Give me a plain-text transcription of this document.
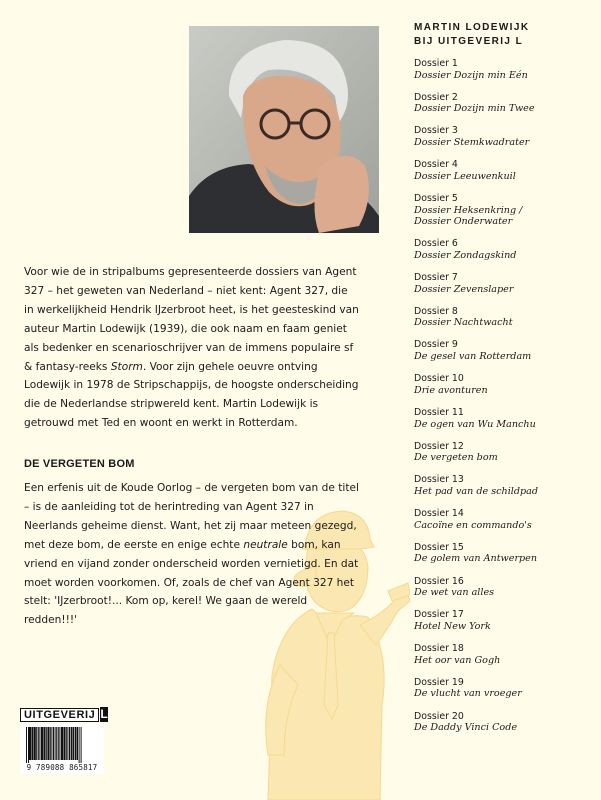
Voor wie de in stripalbums gepresenteerde dossiers van Agent 327 – het geweten van Nederland – niet kent: Agent 327, die in werkelijkheid Hendrik IJzerbroot heet, is het geesteskind van auteur Martin Lodewijk (1939), die ook naam en faam geniet als bedenker en scenarioschrijver van de immens populaire sf & fantasy-reeks Storm. Voor zijn gehele oeuvre ontving Lodewijk in 1978 de Stripschappijs, de hoogste onderscheiding die de Nederlandse stripwereld kent. Martin Lodewijk is getrouwd met Ted en woont en werkt in Rotterdam.

DE VERGETEN BOM

Een erfenis uit de Koude Oorlog – de vergeten bom van de titel – is de aanleiding tot de herintreding van Agent 327 in Neerlands geheime dienst. Want, het zij maar meteen gezegd, met deze bom, de eerste en enige echte neutrale bom, kan vriend en vijand zonder onderscheid worden vernietigd. En dat moet worden voorkomen. Of, zoals de chef van Agent 327 het stelt: 'IJzerbroot!... Kom op, kerel! We gaan de wereld redden!!!'

MARTIN LODEWIJK
BIJ UITGEVERIJ L
Dossier 1
Dossier Dozijn min Eén
Dossier 2
Dossier Dozijn min Twee
Dossier 3
Dossier Stemkwadrater
Dossier 4
Dossier Leeuwenkuil
Dossier 5
Dossier Heksenkring /
Dossier Onderwater
Dossier 6
Dossier Zondagskind
Dossier 7
Dossier Zevenslaper
Dossier 8
Dossier Nachtwacht
Dossier 9
De gesel van Rotterdam
Dossier 10
Drie avonturen
Dossier 11
De ogen van Wu Manchu
Dossier 12
De vergeten bom
Dossier 13
Het pad van de schildpad
Dossier 14
Cacoïne en commando's
Dossier 15
De golem van Antwerpen
Dossier 16
De wet van alles
Dossier 17
Hotel New York
Dossier 18
Het oor van Gogh
Dossier 19
De vlucht van vroeger
Dossier 20
De Daddy Vinci Code
UITGEVERIJ L
9 789088 865817
